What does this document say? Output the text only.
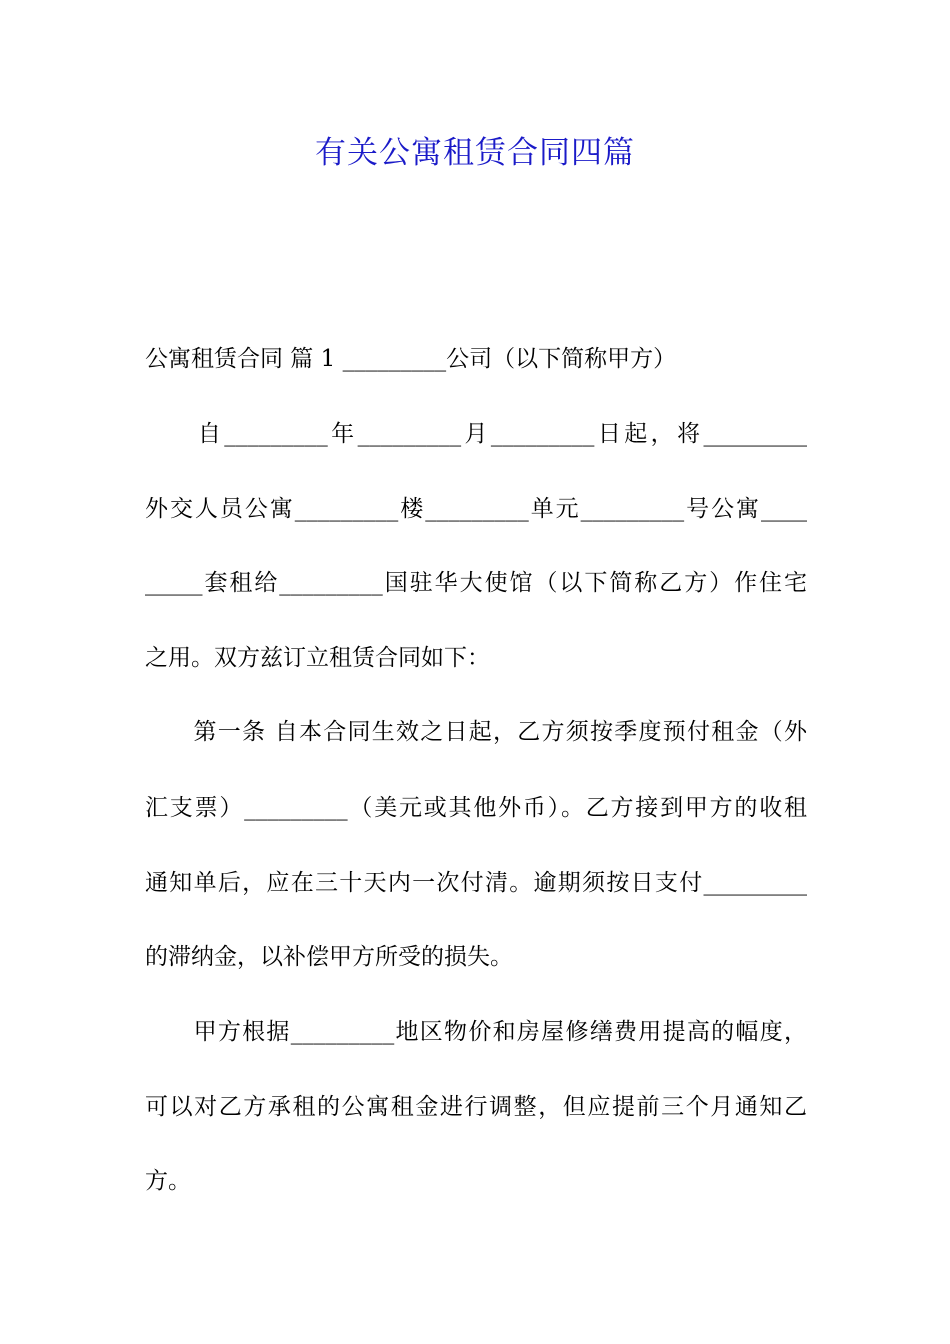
有关公寓租赁合同四篇
公寓租赁合同 篇 1 _________公司（以下简称甲方）
　　自_________年_________月_________日起，将_________
外交人员公寓_________楼_________单元_________号公寓____
_____套租给_________国驻华大使馆（以下简称乙方）作住宅
之用。双方兹订立租赁合同如下：
　　第一条 自本合同生效之日起，乙方须按季度预付租金（外
汇支票）_________（美元或其他外币）。乙方接到甲方的收租
通知单后，应在三十天内一次付清。逾期须按日支付_________
的滞纳金，以补偿甲方所受的损失。
　　甲方根据_________地区物价和房屋修缮费用提高的幅度，
可以对乙方承租的公寓租金进行调整，但应提前三个月通知乙
方。
